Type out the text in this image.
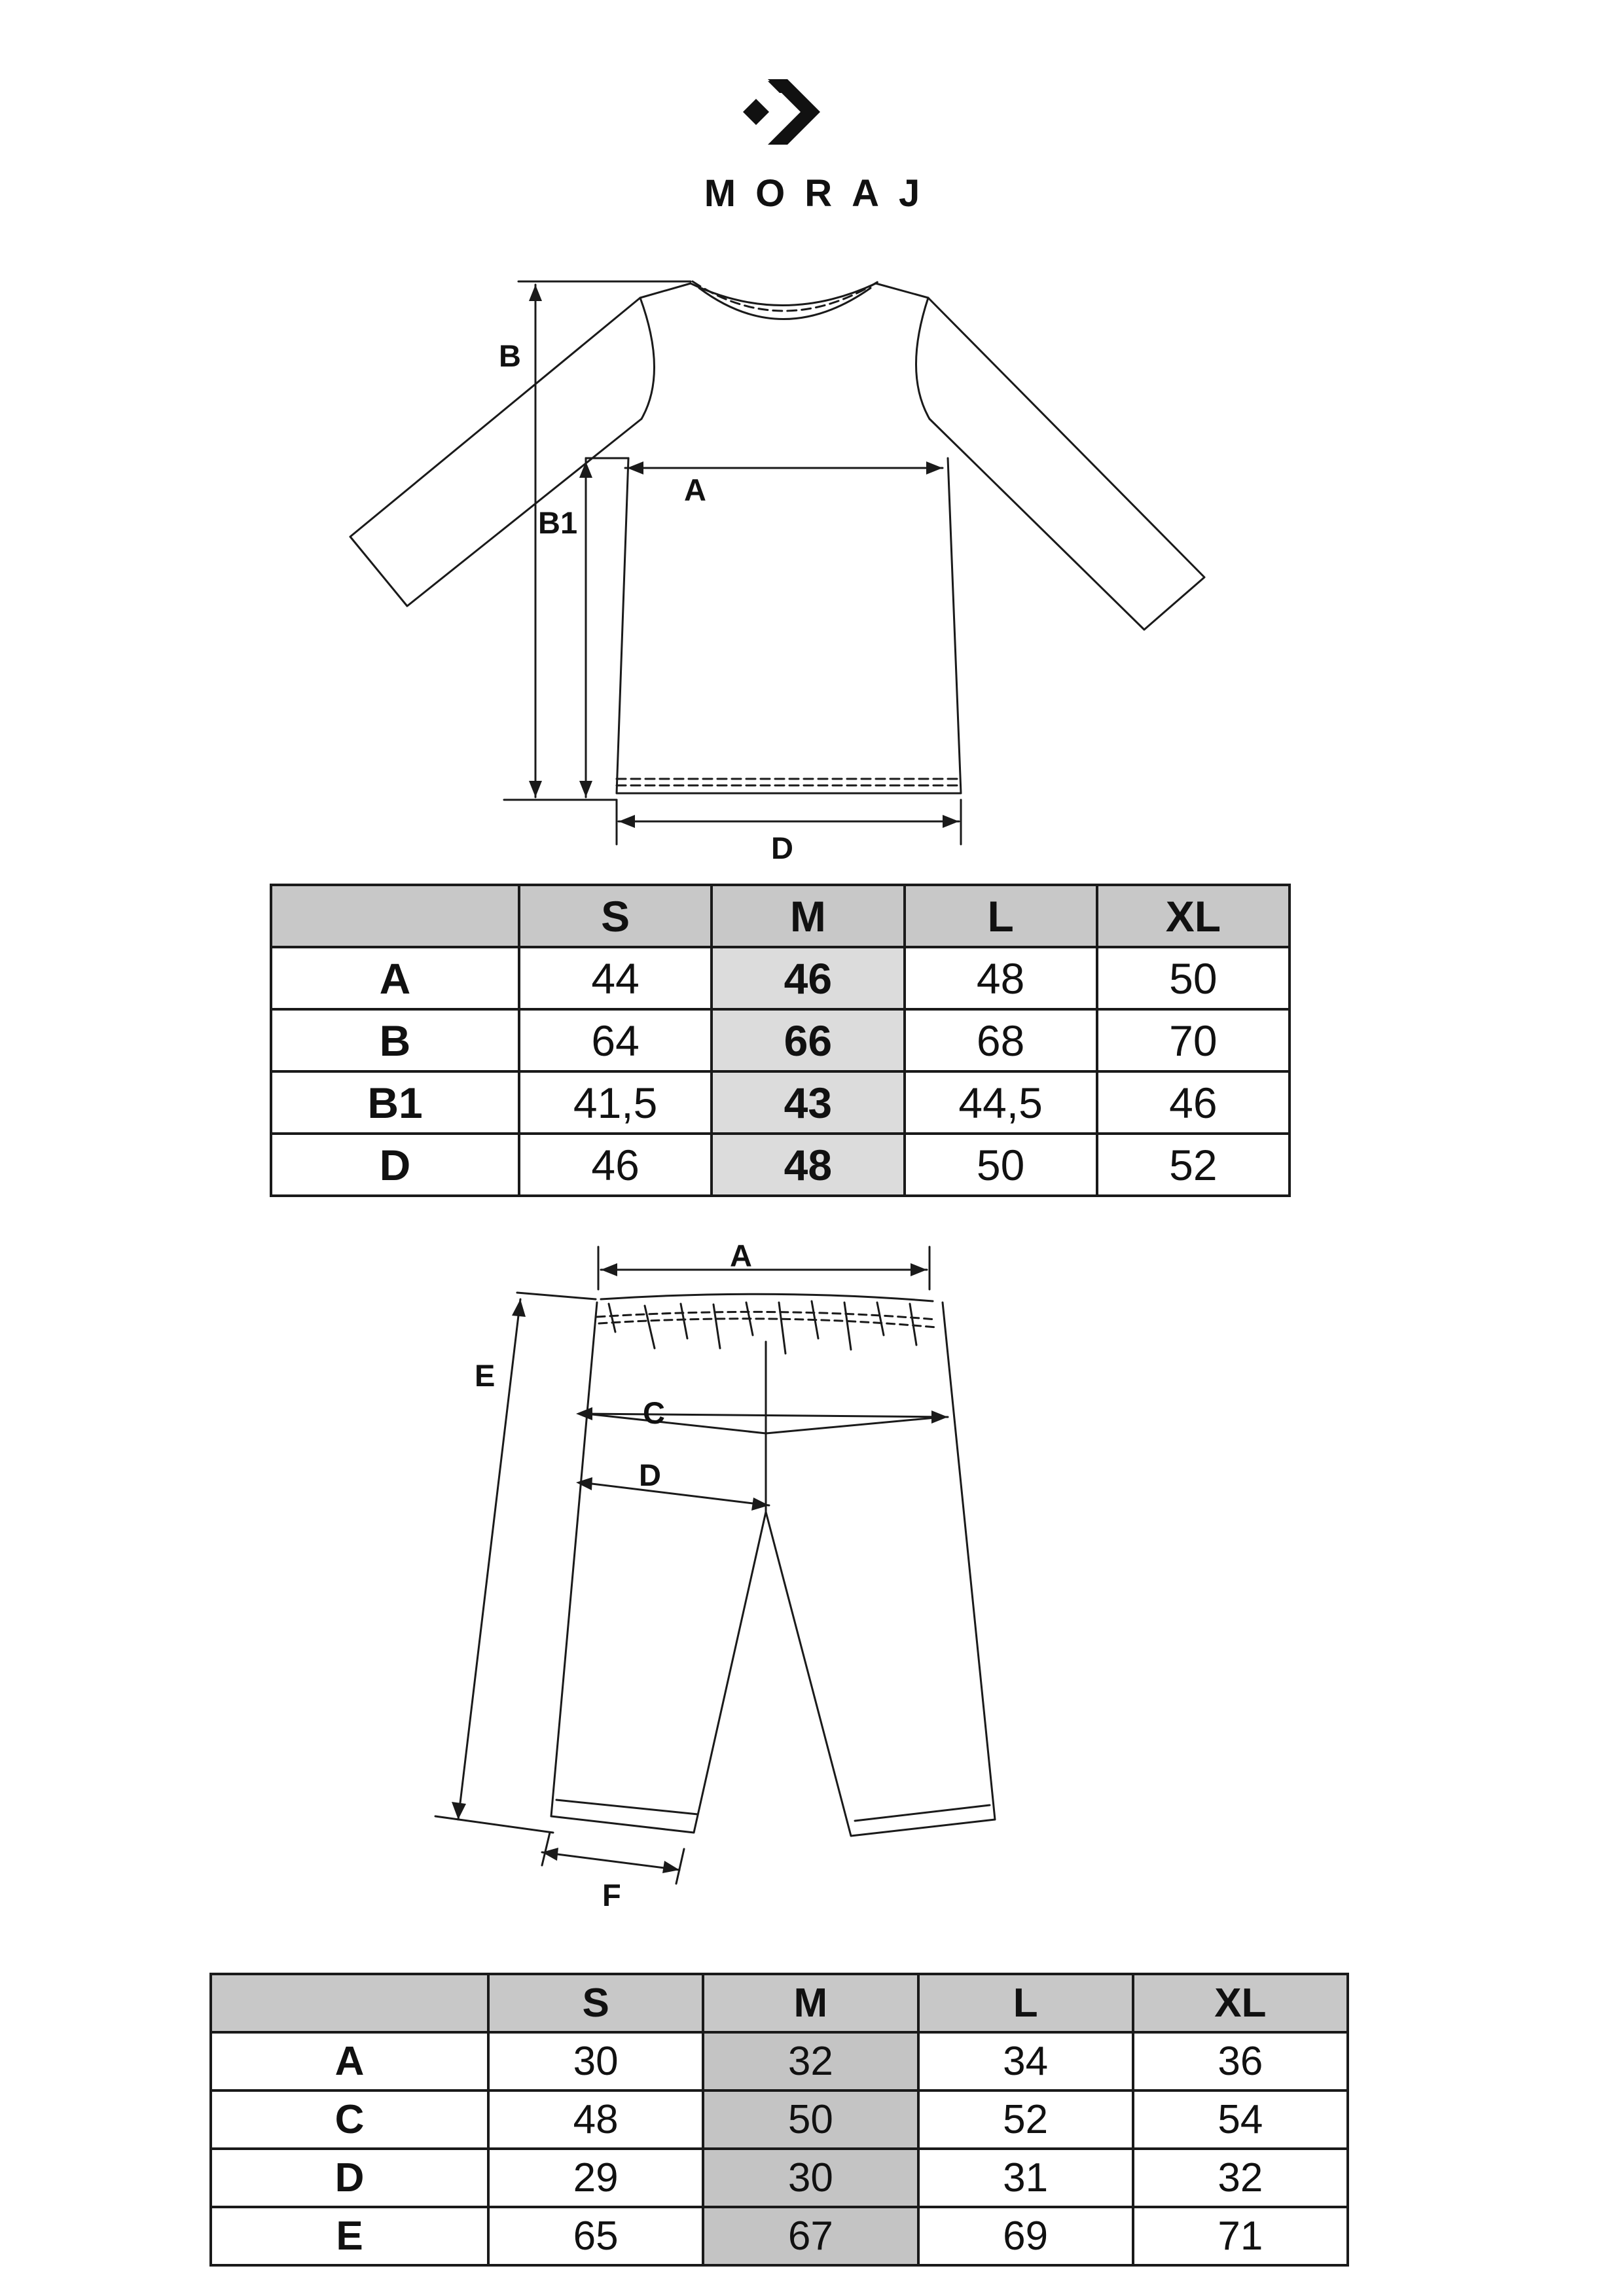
MORAJ
B
B1
A
D
	S	M	L	XL
A	44	46	48	50
B	64	66	68	70
B1	41,5	43	44,5	46
D	46	48	50	52
A
E
C
D
F
	S	M	L	XL
A	30	32	34	36
C	48	50	52	54
D	29	30	31	32
E	65	67	69	71
